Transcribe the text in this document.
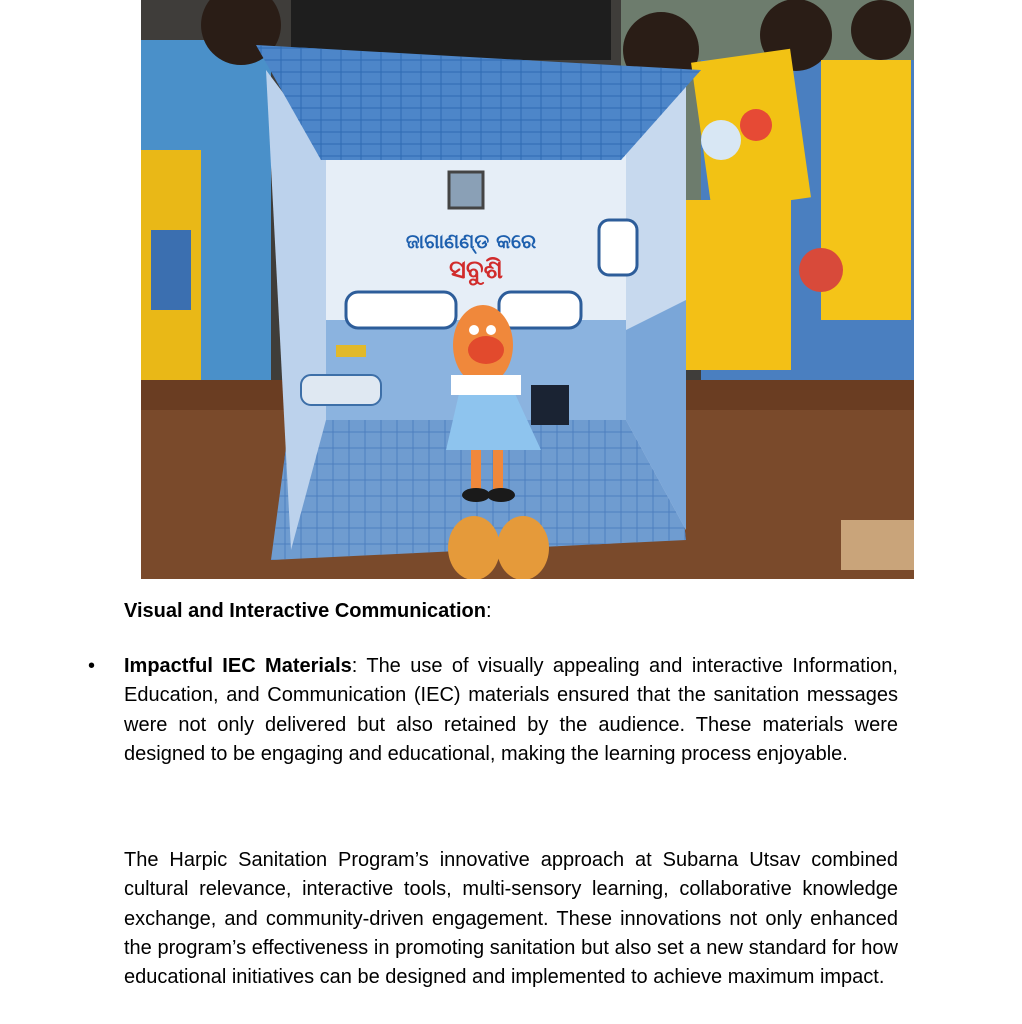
ଜାଗାଣଣ୍ଡ କରେ
ସବୁଶି
Visual and Interactive Communication:
• Impactful IEC Materials: The use of visually appealing and interactive Information, Education, and Communication (IEC) materials ensured that the sanitation messages were not only delivered but also retained by the audience. These materials were designed to be engaging and educational, making the learning process enjoyable.

The Harpic Sanitation Program’s innovative approach at Subarna Utsav combined cultural relevance, interactive tools, multi-sensory learning, collaborative knowledge exchange, and community-driven engagement. These innovations not only enhanced the program’s effectiveness in promoting sanitation but also set a new standard for how educational initiatives can be designed and implemented to achieve maximum impact.
